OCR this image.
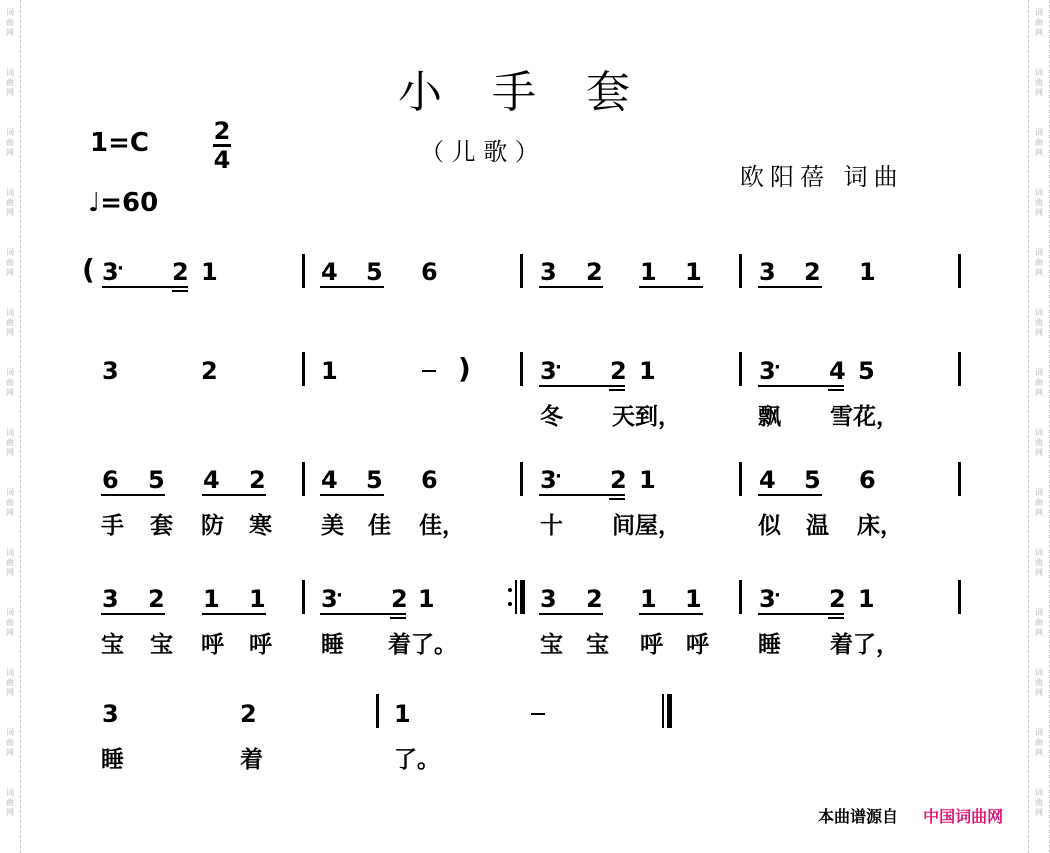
词
曲
网
词
曲
网
词
曲
网
词
曲
网
词
曲
网
词
曲
网
词
曲
网
词
曲
网
词
曲
网
词
曲
网
词
曲
网
词
曲
网
词
曲
网
词
曲
网
词
曲
网
词
曲
网
词
曲
网
词
曲
网
词
曲
网
词
曲
网
词
曲
网
词
曲
网
词
曲
网
词
曲
网
词
曲
网
词
曲
网
词
曲
网
词
曲
网
小 手 套
1=C	2
4	（ 儿 歌 ）
欧阳蓓 词曲
♩=60
( 3
· 2 1	4 5 6	3 2 1 1 3 2 1
3	2	1	)	3
· 2 1	3
· 4 5
冬 天到，	飘 雪花，
6 5 4 2 4 5 6	3
· 2 1	4 5 6
手 套 防 寒 美 佳 佳，	十 间屋，	似 温 床，
3 2 1 1 3
· 2 1	3 2 1 1 3
· 2 1
宝 宝 呼 呼 睡 着了。	宝 宝 呼 呼 睡 着了，
3	2	1
睡	着	了。
本曲谱源自 中国词曲网
